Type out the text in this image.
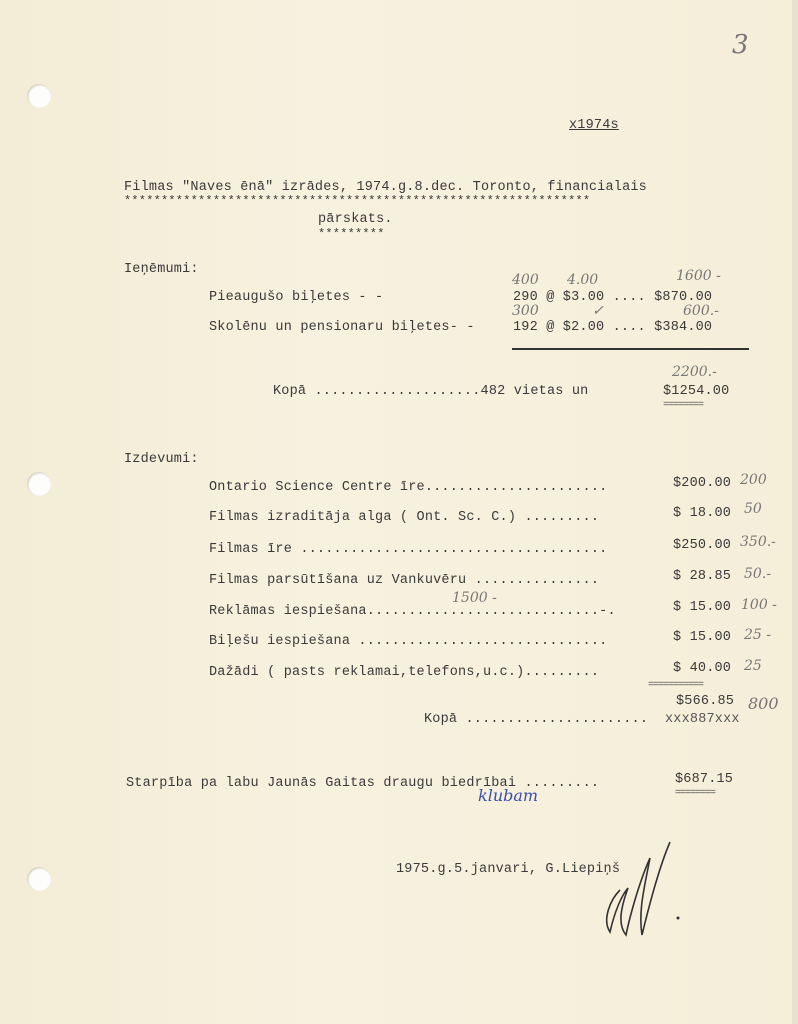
3
x1974s
Filmas "Naves ēnā" izrādes, 1974.g.8.dec. Toronto, financialais
***************************************************************
pārskats.
*********
Ieņēmumi:
400 4.00	1600 -
Pieaugušo biļetes - -	290 @ $3.00 .... $870.00
300	✓	600.-
Skolēnu un pensionaru biļetes- -	192 @ $2.00 .... $384.00
2200.-
Kopā ....................482 vietas un	$1254.00
========
Izdevumi:
Ontario Science Centre īre......................	$200.00 200
Filmas izraditāja alga ( Ont. Sc. C.) .........	$ 18.00 50
Filmas īre .....................................	$250.00 350.-
Filmas parsūtīšana uz Vankuvēru ...............	$ 28.85 50.-
1500 -
Reklāmas iespiešana............................-.	$ 15.00 100 -
Biļešu iespiešana ..............................	$ 15.00 25 -
Dažādi ( pasts reklamai,telefons,u.c.).........	$ 40.00 25
===========
$566.85 800
Kopā ...................... xxx887xxx
Starpība pa labu Jaunās Gaitas draugu biedrībai .........	$687.15
========
klubam
1975.g.5.janvari, G.Liepiņš
